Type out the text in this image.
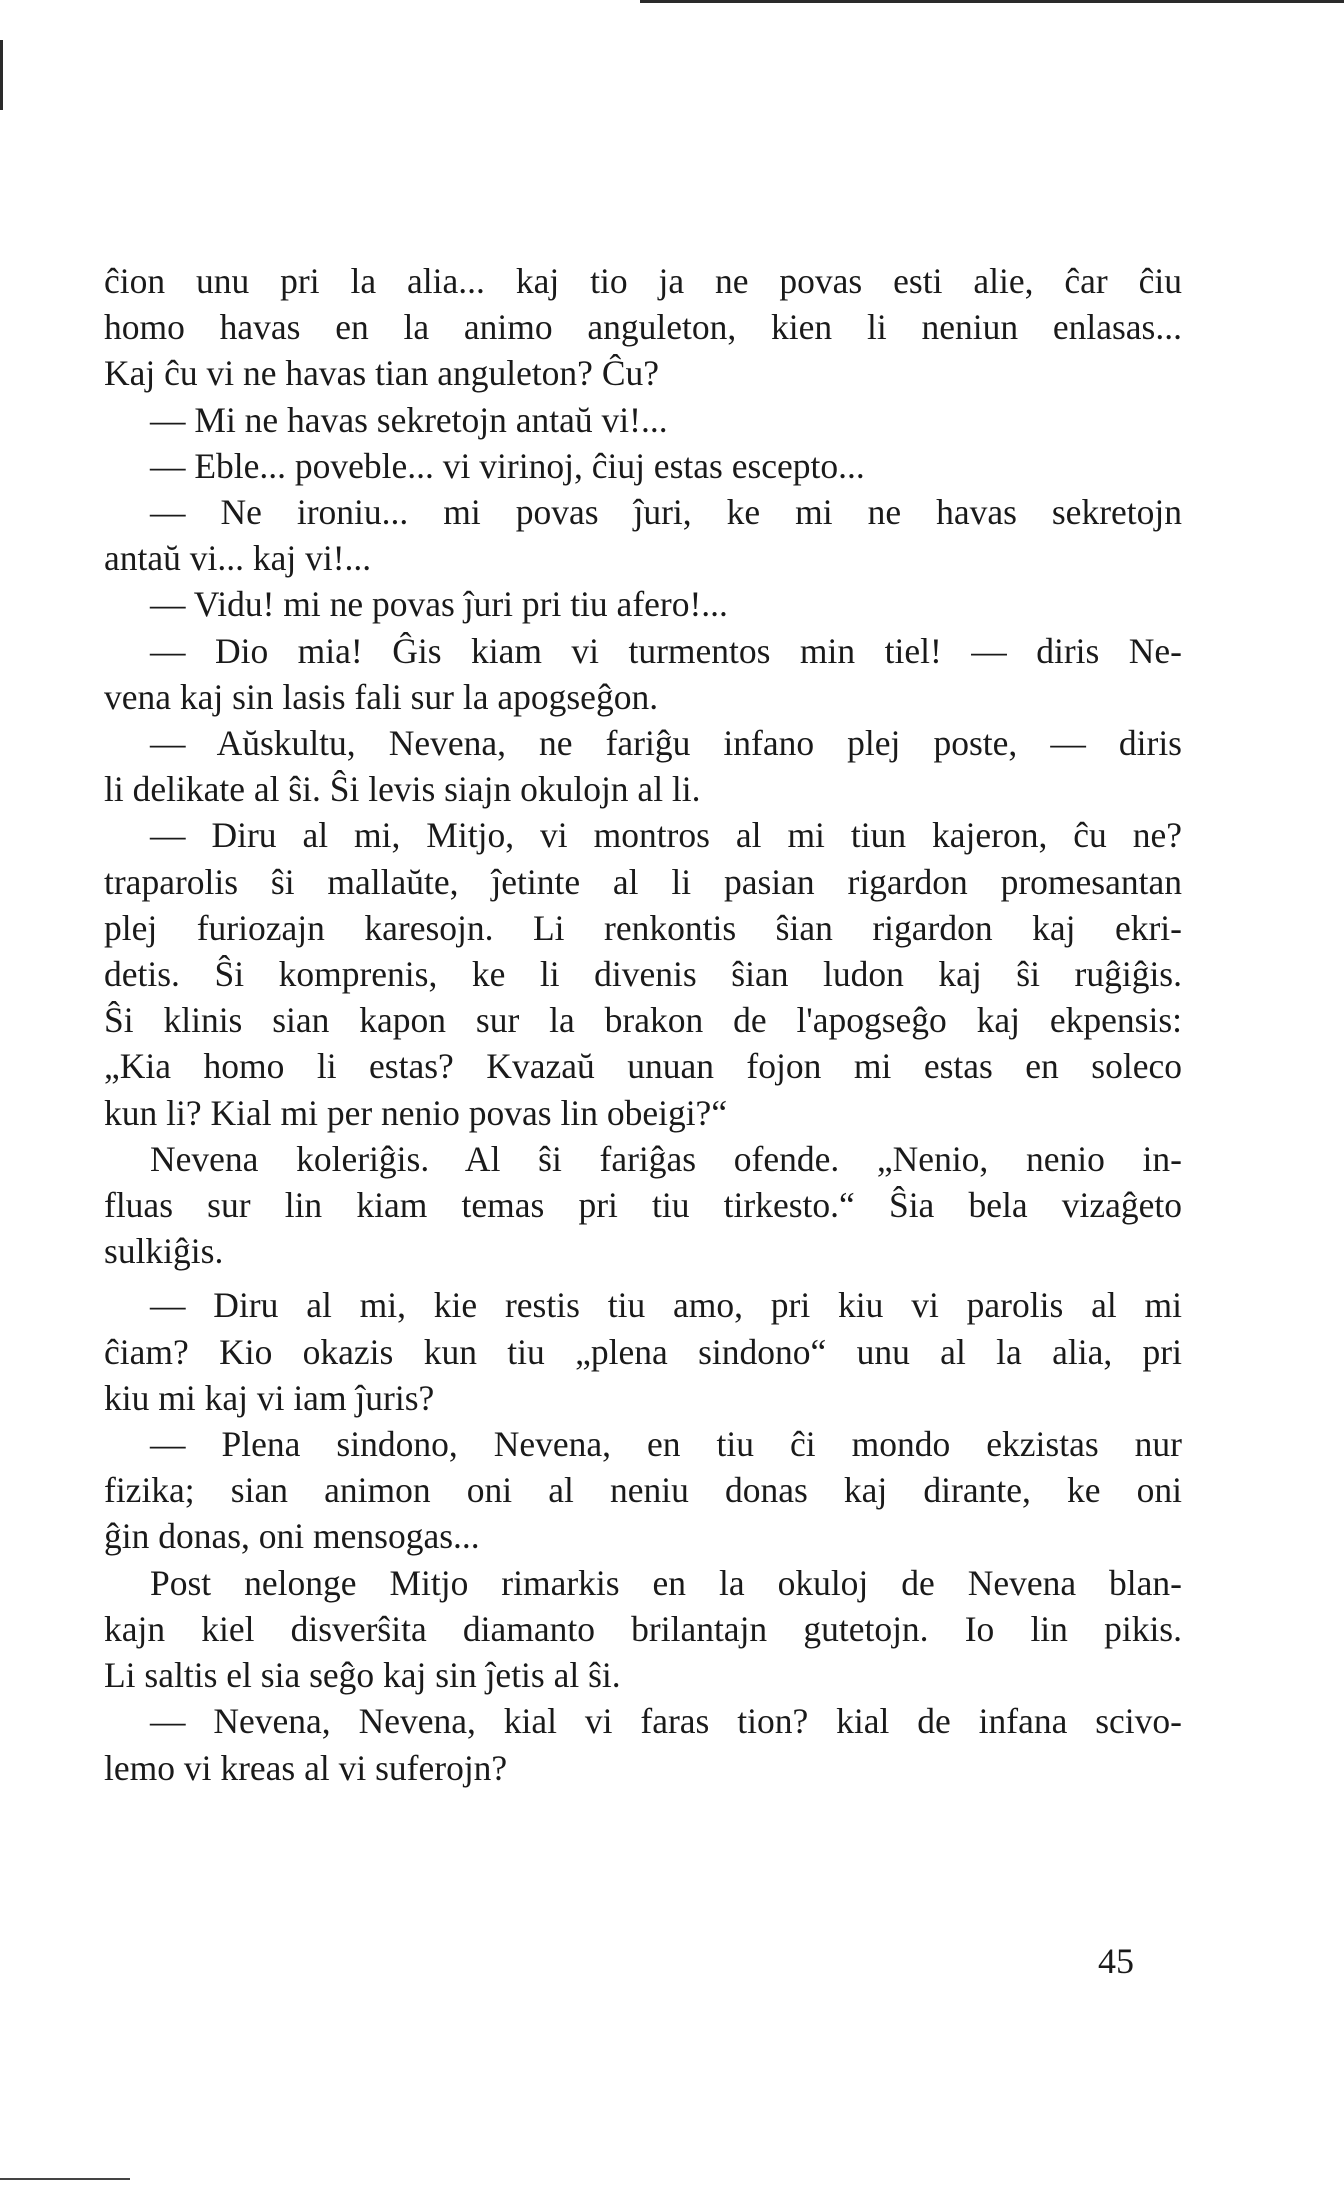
ĉion unu pri la alia... kaj tio ja ne povas esti alie, ĉar ĉiu
homo havas en la animo anguleton, kien li neniun enlasas...
Kaj ĉu vi ne havas tian anguleton? Ĉu?
— Mi ne havas sekretojn antaŭ vi!...
— Eble... poveble... vi virinoj, ĉiuj estas escepto...
— Ne ironiu... mi povas ĵuri, ke mi ne havas sekretojn
antaŭ vi... kaj vi!...
— Vidu! mi ne povas ĵuri pri tiu afero!...
— Dio mia! Ĝis kiam vi turmentos min tiel! — diris Ne-
vena kaj sin lasis fali sur la apogseĝon.
— Aŭskultu, Nevena, ne fariĝu infano plej poste, — diris
li delikate al ŝi. Ŝi levis siajn okulojn al li.
— Diru al mi, Mitjo, vi montros al mi tiun kajeron, ĉu ne?
traparolis ŝi mallaŭte, ĵetinte al li pasian rigardon promesantan
plej furiozajn karesojn. Li renkontis ŝian rigardon kaj ekri-
detis. Ŝi komprenis, ke li divenis ŝian ludon kaj ŝi ruĝiĝis.
Ŝi klinis sian kapon sur la brakon de l'apogseĝo kaj ekpensis:
„Kia homo li estas? Kvazaŭ unuan fojon mi estas en soleco
kun li? Kial mi per nenio povas lin obeigi?“
Nevena koleriĝis. Al ŝi fariĝas ofende. „Nenio, nenio in-
fluas sur lin kiam temas pri tiu tirkesto.“ Ŝia bela vizaĝeto
sulkiĝis.
— Diru al mi, kie restis tiu amo, pri kiu vi parolis al mi
ĉiam? Kio okazis kun tiu „plena sindono“ unu al la alia, pri
kiu mi kaj vi iam ĵuris?
— Plena sindono, Nevena, en tiu ĉi mondo ekzistas nur
fizika; sian animon oni al neniu donas kaj dirante, ke oni
ĝin donas, oni mensogas...
Post nelonge Mitjo rimarkis en la okuloj de Nevena blan-
kajn kiel disverŝita diamanto brilantajn gutetojn. Io lin pikis.
Li saltis el sia seĝo kaj sin ĵetis al ŝi.
— Nevena, Nevena, kial vi faras tion? kial de infana scivo-
lemo vi kreas al vi suferojn?
45
